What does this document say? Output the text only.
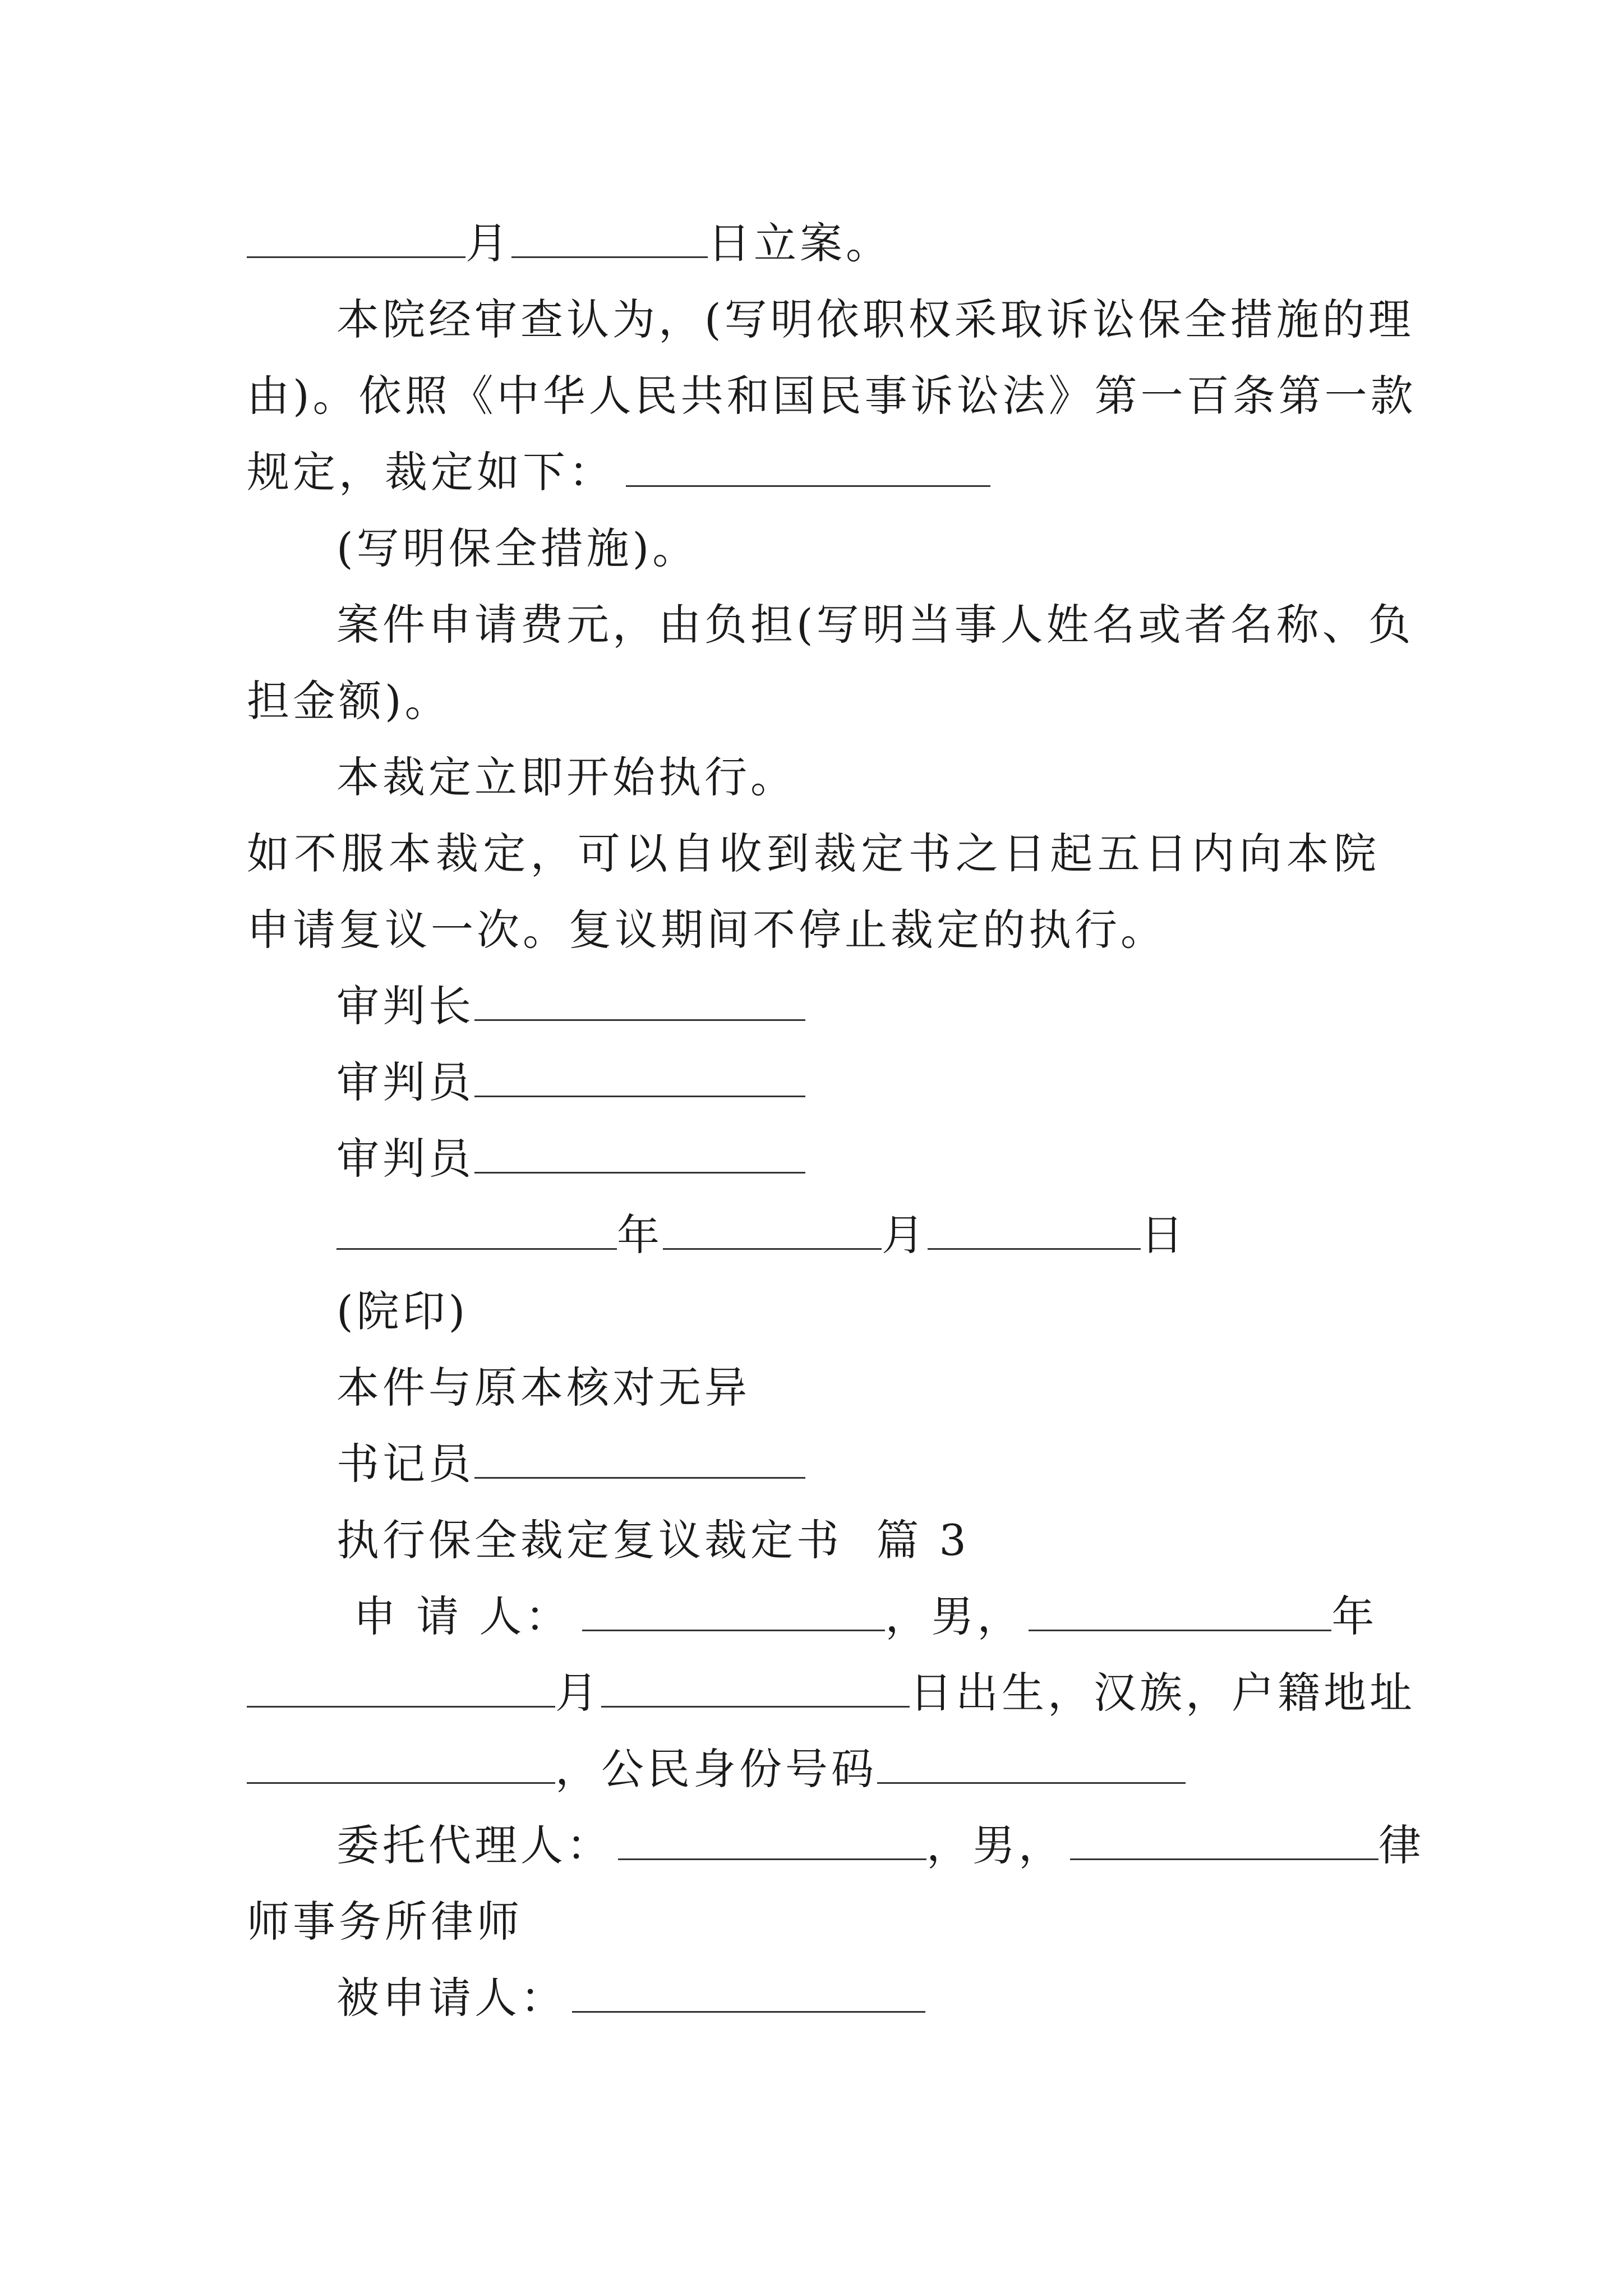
月	日立案。
本院经审查认为，(写明依职权采取诉讼保全措施的理
由)。依照《中华人民共和国民事诉讼法》第一百条第一款
规定，裁定如下：
(写明保全措施)。
案件申请费元，由负担(写明当事人姓名或者名称、负
担金额)。
本裁定立即开始执行。
如不服本裁定，可以自收到裁定书之日起五日内向本院
申请复议一次。复议期间不停止裁定的执行。
审判长
审判员
审判员
年	月	日
(院印)
本件与原本核对无异
书记员
执行保全裁定复议裁定书  篇 3
申 请 人：	，男，	年
月	日出生，汉族，户籍地址
，公民身份号码
委托代理人：	，男，	律
师事务所律师
被申请人：
